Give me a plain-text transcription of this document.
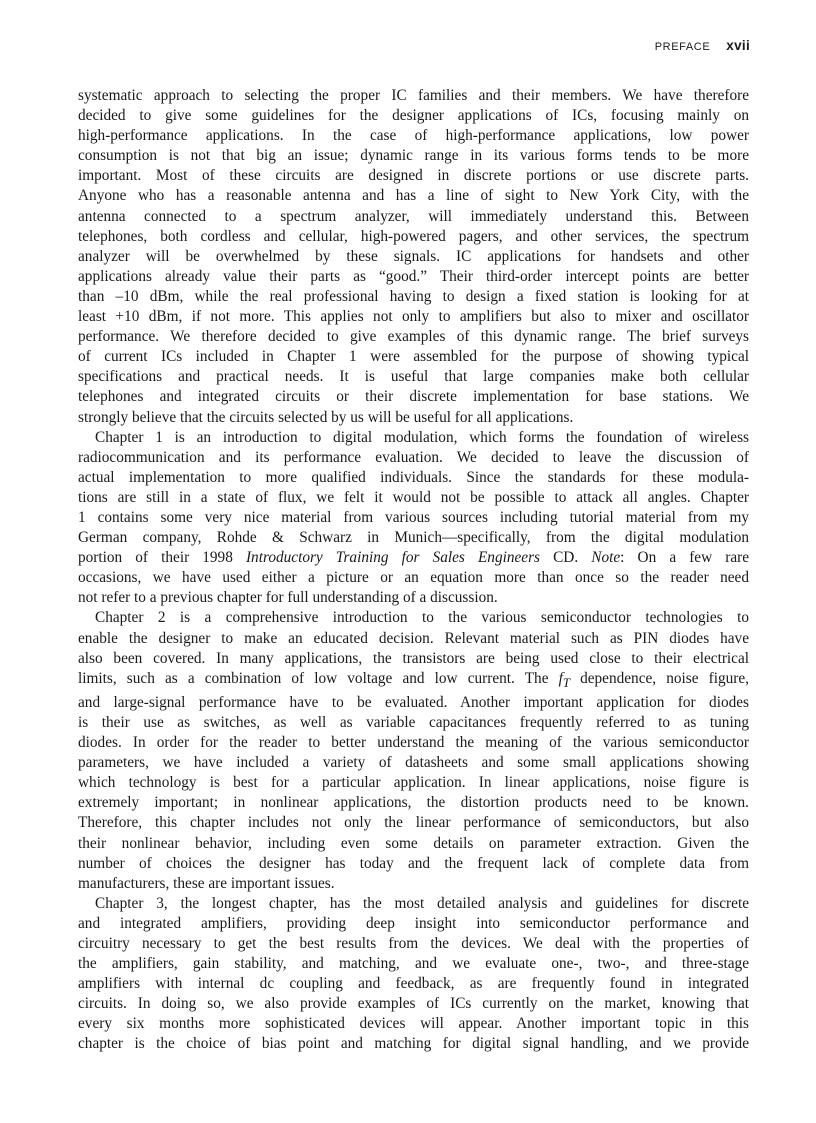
PREFACE xvii

systematic approach to selecting the proper IC families and their members. We have therefore

decided to give some guidelines for the designer applications of ICs, focusing mainly on

high-performance applications. In the case of high-performance applications, low power

consumption is not that big an issue; dynamic range in its various forms tends to be more

important. Most of these circuits are designed in discrete portions or use discrete parts.

Anyone who has a reasonable antenna and has a line of sight to New York City, with the

antenna connected to a spectrum analyzer, will immediately understand this. Between

telephones, both cordless and cellular, high-powered pagers, and other services, the spectrum

analyzer will be overwhelmed by these signals. IC applications for handsets and other

applications already value their parts as “good.” Their third-order intercept points are better

than –10 dBm, while the real professional having to design a fixed station is looking for at

least +10 dBm, if not more. This applies not only to amplifiers but also to mixer and oscillator

performance. We therefore decided to give examples of this dynamic range. The brief surveys

of current ICs included in Chapter 1 were assembled for the purpose of showing typical

specifications and practical needs. It is useful that large companies make both cellular

telephones and integrated circuits or their discrete implementation for base stations. We

strongly believe that the circuits selected by us will be useful for all applications.

Chapter 1 is an introduction to digital modulation, which forms the foundation of wireless

radiocommunication and its performance evaluation. We decided to leave the discussion of

actual implementation to more qualified individuals. Since the standards for these modula-

tions are still in a state of flux, we felt it would not be possible to attack all angles. Chapter

1 contains some very nice material from various sources including tutorial material from my

German company, Rohde & Schwarz in Munich—specifically, from the digital modulation

portion of their 1998 Introductory Training for Sales Engineers CD. Note: On a few rare

occasions, we have used either a picture or an equation more than once so the reader need

not refer to a previous chapter for full understanding of a discussion.

Chapter 2 is a comprehensive introduction to the various semiconductor technologies to

enable the designer to make an educated decision. Relevant material such as PIN diodes have

also been covered. In many applications, the transistors are being used close to their electrical

limits, such as a combination of low voltage and low current. The $f_T$ dependence, noise figure,

and large-signal performance have to be evaluated. Another important application for diodes

is their use as switches, as well as variable capacitances frequently referred to as tuning

diodes. In order for the reader to better understand the meaning of the various semiconductor

parameters, we have included a variety of datasheets and some small applications showing

which technology is best for a particular application. In linear applications, noise figure is

extremely important; in nonlinear applications, the distortion products need to be known.

Therefore, this chapter includes not only the linear performance of semiconductors, but also

their nonlinear behavior, including even some details on parameter extraction. Given the

number of choices the designer has today and the frequent lack of complete data from

manufacturers, these are important issues.

Chapter 3, the longest chapter, has the most detailed analysis and guidelines for discrete

and integrated amplifiers, providing deep insight into semiconductor performance and

circuitry necessary to get the best results from the devices. We deal with the properties of

the amplifiers, gain stability, and matching, and we evaluate one-, two-, and three-stage

amplifiers with internal dc coupling and feedback, as are frequently found in integrated

circuits. In doing so, we also provide examples of ICs currently on the market, knowing that

every six months more sophisticated devices will appear. Another important topic in this

chapter is the choice of bias point and matching for digital signal handling, and we provide
